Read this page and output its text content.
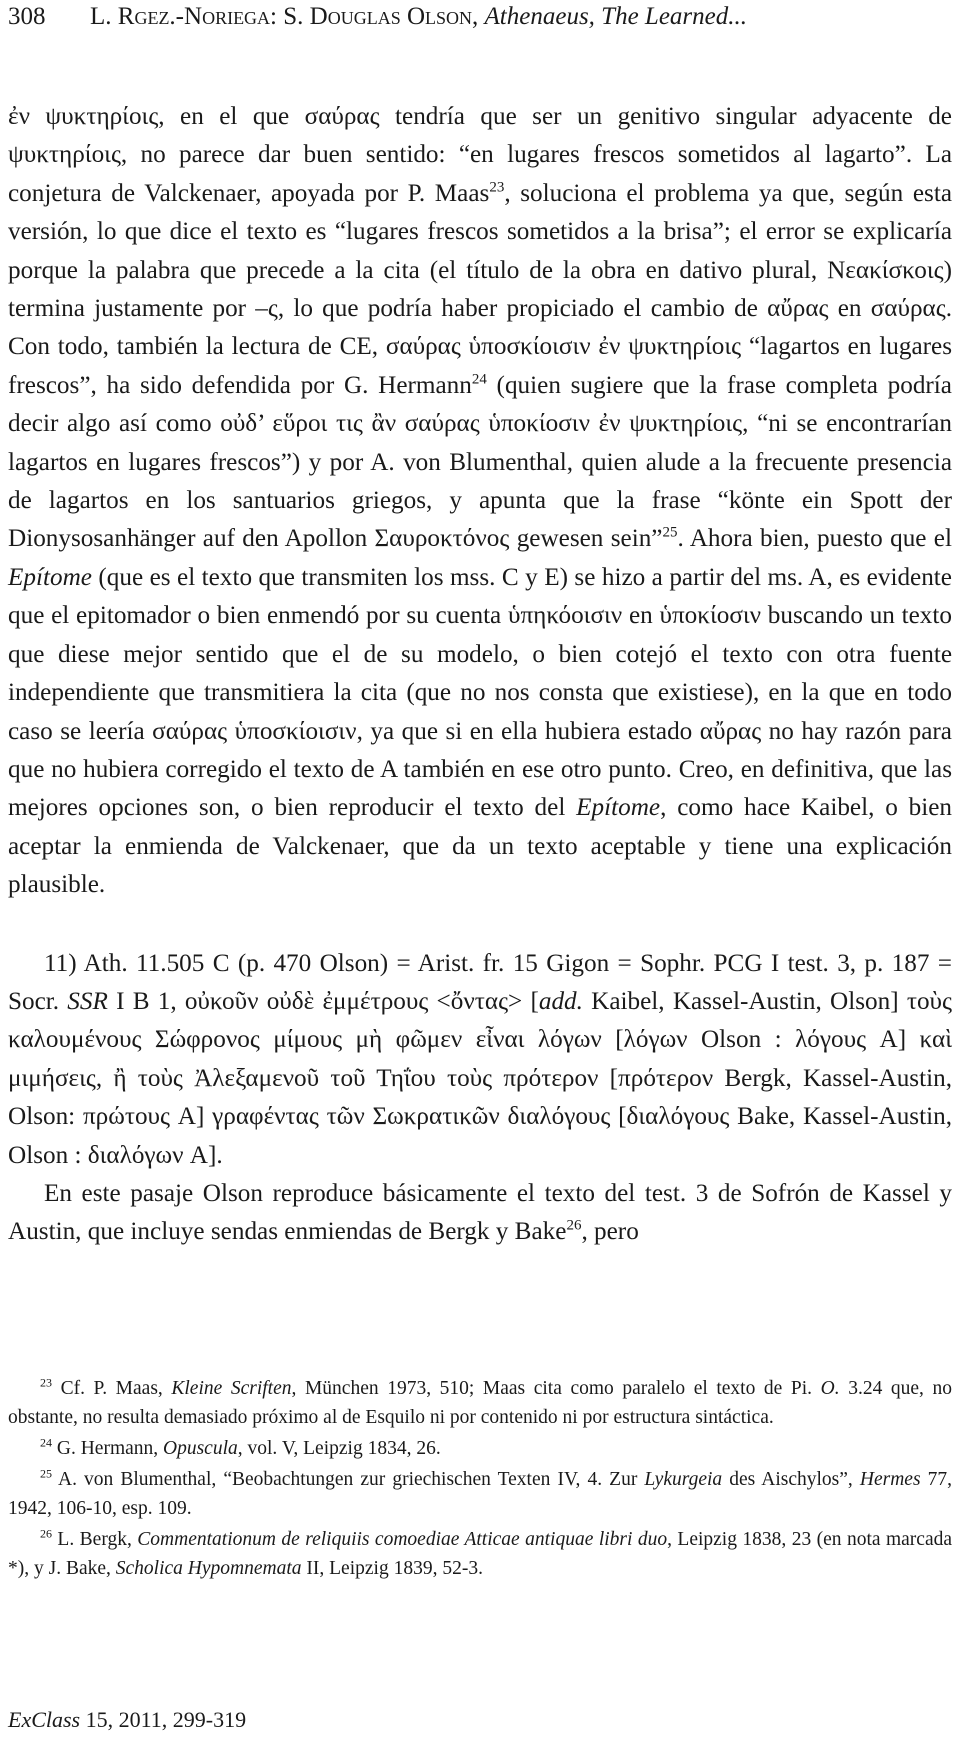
308 L. Rgez.-Noriega: S. Douglas Olson, Athenaeus, The Learned...

ἐν ψυκτηρίοις, en el que σαύρας tendría que ser un genitivo singular adyacente de ψυκτηρίοις, no parece dar buen sentido: “en lugares frescos sometidos al lagarto”. La conjetura de Valckenaer, apoyada por P. Maas$^{23}$, soluciona el problema ya que, según esta versión, lo que dice el texto es “lugares frescos sometidos a la brisa”; el error se explicaría porque la palabra que precede a la cita (el título de la obra en dativo plural, Νεακίσκοις) termina justamente por –ς, lo que podría haber propiciado el cambio de αὔρας en σαύρας. Con todo, también la lectura de CE, σαύρας ὑποσκίοισιν ἐν ψυκτηρίοις “lagartos en lugares frescos”, ha sido defendida por G. Hermann$^{24}$ (quien sugiere que la frase completa podría decir algo así como οὐδ’ εὕροι τις ἂν σαύρας ὑποκίοσιν ἐν ψυκτηρίοις, “ni se encontrarían lagartos en lugares frescos”) y por A. von Blumenthal, quien alude a la frecuente presencia de lagartos en los santuarios griegos, y apunta que la frase “könte ein Spott der Dionysosanhänger auf den Apollon Σαυροκτόνος gewesen sein”$^{25}$. Ahora bien, puesto que el Epítome (que es el texto que transmiten los mss. C y E) se hizo a partir del ms. A, es evidente que el epitomador o bien enmendó por su cuenta ὑπηκόοισιν en ὑποκίοσιν buscando un texto que diese mejor sentido que el de su modelo, o bien cotejó el texto con otra fuente independiente que transmitiera la cita (que no nos consta que existiese), en la que en todo caso se leería σαύρας ὑποσκίοισιν, ya que si en ella hubiera estado αὔρας no hay razón para que no hubiera corregido el texto de A también en ese otro punto. Creo, en definitiva, que las mejores opciones son, o bien reproducir el texto del Epítome, como hace Kaibel, o bien aceptar la enmienda de Valckenaer, que da un texto aceptable y tiene una explicación plausible.

11) Ath. 11.505 C (p. 470 Olson) = Arist. fr. 15 Gigon = Sophr. PCG I test. 3, p. 187 = Socr. SSR I B 1, οὐκοῦν οὐδὲ ἐμμέτρους <ὄντας> [add. Kaibel, Kassel-Austin, Olson] τοὺς καλουμένους Σώφρονος μίμους μὴ φῶμεν εἶναι λόγων [λόγων Olson : λόγους A] καὶ μιμήσεις, ἢ τοὺς Ἀλεξαμενοῦ τοῦ Τηΐου τοὺς πρότερον [πρότερον Bergk, Kassel-Austin, Olson: πρώτους A] γραφέντας τῶν Σωκρατικῶν διαλόγους [διαλόγους Bake, Kassel-Austin, Olson : διαλόγων A].

En este pasaje Olson reproduce básicamente el texto del test. 3 de Sofrón de Kassel y Austin, que incluye sendas enmiendas de Bergk y Bake$^{26}$, pero

$^{23}$ Cf. P. Maas, Kleine Scriften, München 1973, 510; Maas cita como paralelo el texto de Pi. O. 3.24 que, no obstante, no resulta demasiado próximo al de Esquilo ni por contenido ni por estructura sintáctica.

$^{24}$ G. Hermann, Opuscula, vol. V, Leipzig 1834, 26.

$^{25}$ A. von Blumenthal, “Beobachtungen zur griechischen Texten IV, 4. Zur Lykurgeia des Aischylos”, Hermes 77, 1942, 106-10, esp. 109.

$^{26}$ L. Bergk, Commentationum de reliquiis comoediae Atticae antiquae libri duo, Leipzig 1838, 23 (en nota marcada *), y J. Bake, Scholica Hypomnemata II, Leipzig 1839, 52-3.

ExClass 15, 2011, 299-319
